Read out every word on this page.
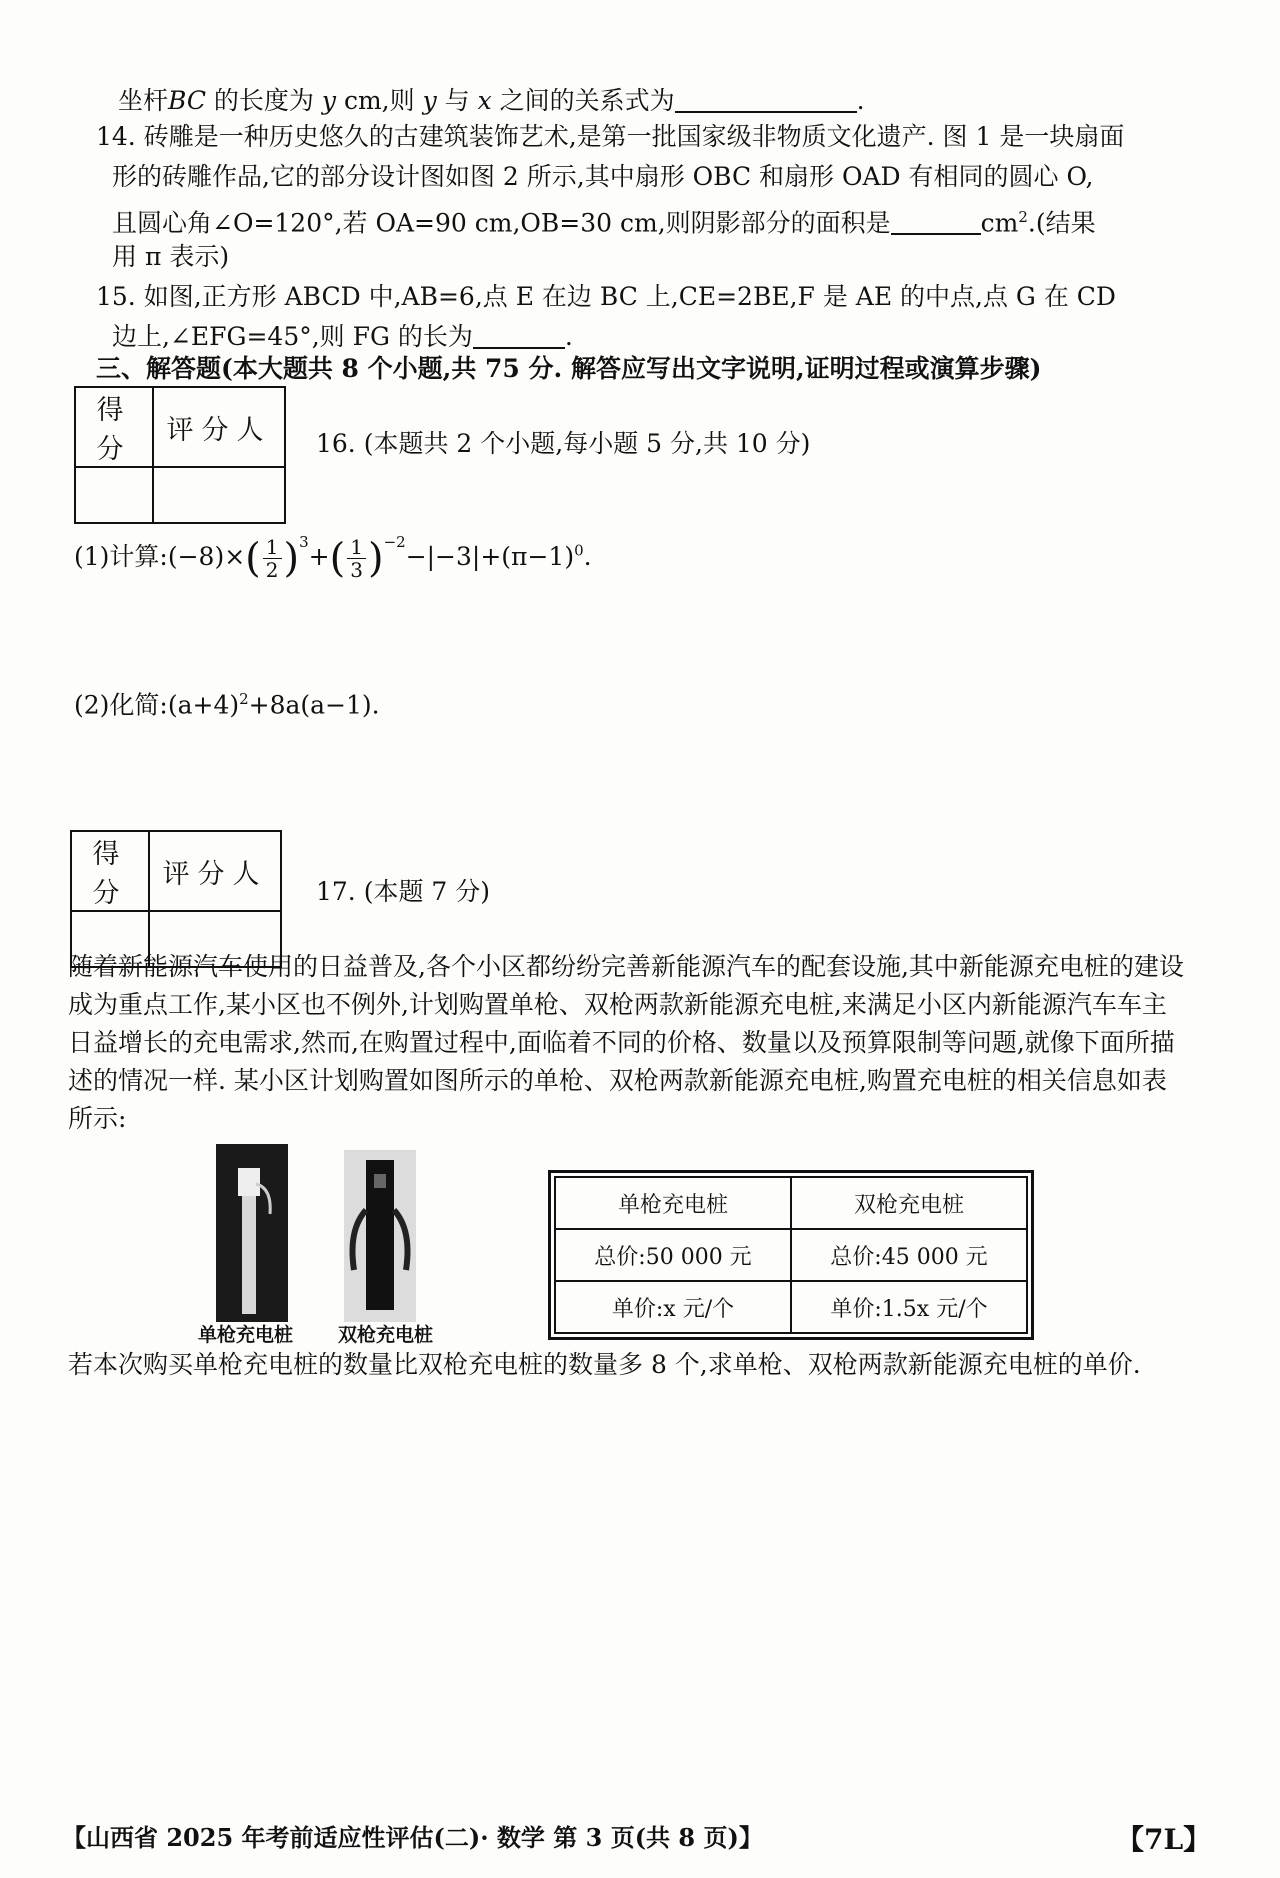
坐杆BC 的长度为 y cm,则 y 与 x 之间的关系式为	.
14. 砖雕是一种历史悠久的古建筑装饰艺术,是第一批国家级非物质文化遗产. 图 1 是一块扇面
形的砖雕作品,它的部分设计图如图 2 所示,其中扇形 OBC 和扇形 OAD 有相同的圆心 O,
且圆心角∠O=120°,若 OA=90 cm,OB=30 cm,则阴影部分的面积是	$cm^2$.(结果
用 π 表示)
15. 如图,正方形 ABCD 中,AB=6,点 E 在边 BC 上,CE=2BE,F 是 AE 的中点,点 G 在 CD
边上,∠EFG=45°,则 FG 的长为	.
三、解答题(本大题共 8 个小题,共 75 分. 解答应写出文字说明,证明过程或演算步骤)
得分	评分人
	16. (本题共 2 个小题,每小题 5 分,共 10 分)
(1)计算:(−8)×( $\frac{1}{2} )^3+( \frac{1}{3} )^{-2}-|-3|+(\pi-1)^0$.
(2)化简$:(a+4)^2+8a(a-1)$.
得分	评分人

17. (本题 7 分)
随着新能源汽车使用的日益普及,各个小区都纷纷完善新能源汽车的配套设施,其中新能源充电桩的建设成为重点工作,某小区也不例外,计划购置单枪、双枪两款新能源充电桩,来满足小区内新能源汽车车主日益增长的充电需求,然而,在购置过程中,面临着不同的价格、数量以及预算限制等问题,就像下面所描述的情况一样. 某小区计划购置如图所示的单枪、双枪两款新能源充电桩,购置充电桩的相关信息如表所示:
单枪充电桩 双枪充电桩
单枪充电桩	双枪充电桩
总价:50 000 元	总价:45 000 元
单价:x 元/个	单价:1.5x 元/个
若本次购买单枪充电桩的数量比双枪充电桩的数量多 8 个,求单枪、双枪两款新能源充电桩的单价.
【山西省 2025 年考前适应性评估(二)· 数学 第 3 页(共 8 页)】	【7L】
